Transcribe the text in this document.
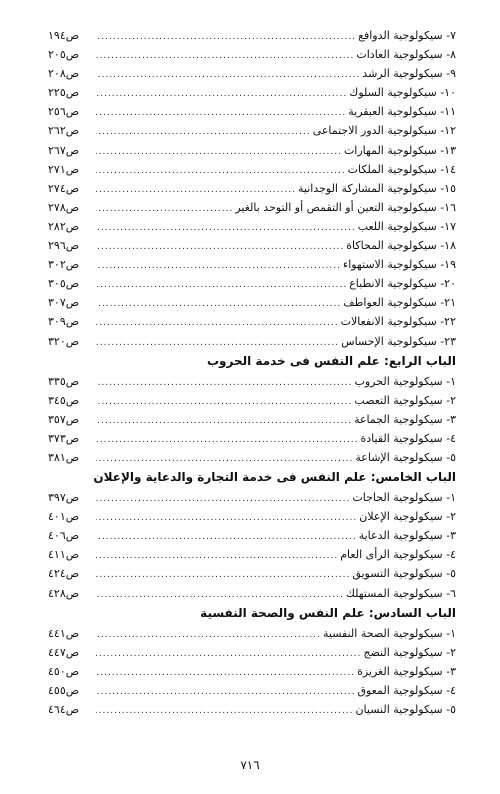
٧- سيكولوجية الدوافع
.....
ص١٩٤
٨- سيكولوجية العادات
.....
ص٢٠٥
٩- سيكولوجية الرشد
.....
ص٢٠٨
١٠- سيكولوجية السلوك
.....
ص٢٢٥
١١- سيكولوجية العبقرية
.....
ص٢٥٦
١٢- سيكولوجية الدور الاجتماعى
.....
ص٢٦٢
١٣- سيكولوجية المهارات
.....
ص٢٦٧
١٤- سيكولوجية الملكات
.....
ص٢٧١
١٥- سيكولوجية المشاركة الوجدانية
.....
ص٢٧٤
١٦- سيكولوجية التعين أو التقمص أو التوحد بالغير
.....
ص٢٧٨
١٧- سيكولوجية اللعب
.....
ص٢٨٢
١٨- سيكولوجية المحاكاة
.....
ص٢٩٦
١٩- سيكولوجية الاستهواء
.....
ص٣٠٢
٢٠- سيكولوجية الانطباع
.....
ص٣٠٥
٢١- سيكولوجية العواطف
.....
ص٣٠٧
٢٢- سيكولوجية الانفعالات
.....
ص٣٠٩
٢٣- سيكولوجية الإحساس
.....
ص٣٢٠
الباب الرابع: علم النفس فى خدمة الحروب
١- سيكولوجية الحروب
.....
ص٣٣٥
٢- سيكولوجية التعصب
.....
ص٣٤٥
٣- سيكولوجية الجماعة
.....
ص٣٥٧
٤- سيكولوجية القيادة
.....
ص٣٧٣
٥- سيكولوجية الإشاعة
.....
ص٣٨١
الباب الخامس: علم النفس فى خدمة التجارة والدعاية والإعلان
١- سيكولوجية الحاجات
.....
ص٣٩٧
٢- سيكولوجية الإعلان
.....
ص٤٠١
٣- سيكولوجية الدعاية
.....
ص٤٠٦
٤- سيكولوجية الرأى العام
.....
ص٤١١
٥- سيكولوجية التسويق
.....
ص٤٢٤
٦- سيكولوجية المستهلك
.....
ص٤٢٨
الباب السادس: علم النفس والصحة النفسية
١- سيكولوجية الصحة النفسية
.....
ص٤٤١
٢- سيكولوجية النضج
.....
ص٤٤٧
٣- سيكولوجية الغريزة
.....
ص٤٥٠
٤- سيكولوجية المعوق
.....
ص٤٥٥
٥- سيكولوجية النسيان
.....
ص٤٦٤
٧١٦
